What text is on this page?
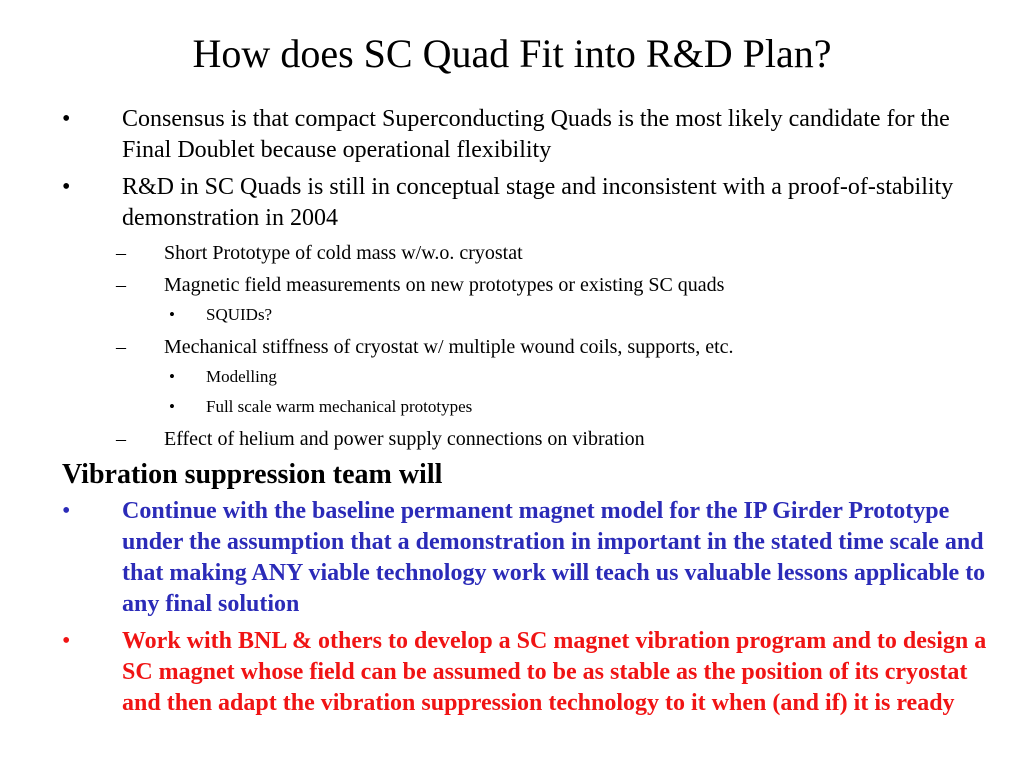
How does SC Quad Fit into R&D Plan?
•	Consensus is that compact Superconducting Quads is the most likely candidate for the Final Doublet because operational flexibility
•	R&D in SC Quads is still in conceptual stage and inconsistent with a proof-of-stability demonstration in 2004
–	Short Prototype of cold mass w/w.o. cryostat
–	Magnetic field measurements on new prototypes or existing SC quads
•	SQUIDs?
–	Mechanical stiffness of cryostat w/ multiple wound coils, supports, etc.
•	Modelling
•	Full scale warm mechanical prototypes
–	Effect of helium and power supply connections on vibration
Vibration suppression team will
•	Continue with the baseline permanent magnet model for the IP Girder Prototype under the assumption that a demonstration in important in the stated time scale and that making ANY viable technology work will teach us valuable lessons applicable to any final solution
•	Work with BNL & others to develop a SC magnet vibration program and to design a SC magnet whose field can be assumed to be as stable as the position of its cryostat and then adapt the vibration suppression technology to it when (and if) it is ready
